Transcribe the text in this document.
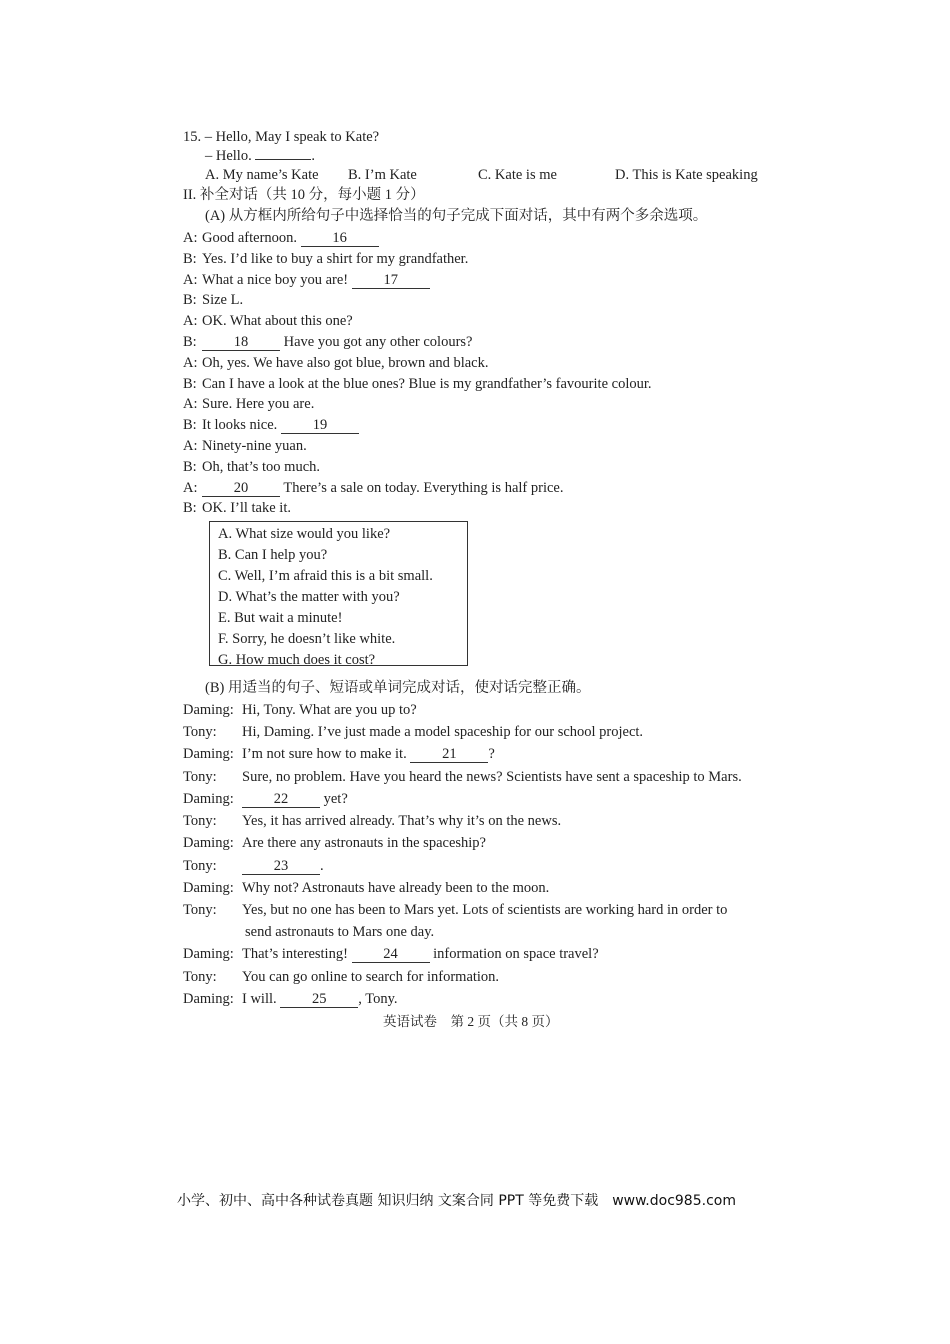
15. – Hello, May I speak to Kate?
– Hello.	.
A. My name’s Kate B. I’m Kate	C. Kate is me	D. This is Kate speaking
II. 补全对话（共 10 分，每小题 1 分）
(A) 从方框内所给句子中选择恰当的句子完成下面对话，其中有两个多余选项。
A:Good afternoon. 16
B:Yes. I’d like to buy a shirt for my grandfather.
A:What a nice boy you are! 17
B:Size L.
A:OK. What about this one?
B:	18 Have you got any other colours?
A:Oh, yes. We have also got blue, brown and black.
B:Can I have a look at the blue ones? Blue is my grandfather’s favourite colour.
A:Sure. Here you are.
B:It looks nice. 19
A:Ninety-nine yuan.
B:Oh, that’s too much.
A:	20 There’s a sale on today. Everything is half price.
B:OK. I’ll take it.
A. What size would you like?
B. Can I help you?
C. Well, I’m afraid this is a bit small.
D. What’s the matter with you?
E. But wait a minute!
F. Sorry, he doesn’t like white.
G. How much does it cost?
(B) 用适当的句子、短语或单词完成对话，使对话完整正确。
Daming: Hi, Tony. What are you up to?
Tony: Hi, Daming. I’ve just made a model spaceship for our school project.
Daming: I’m not sure how to make it. 21 ?
Tony: Sure, no problem. Have you heard the news? Scientists have sent a spaceship to Mars.
Daming:	22 yet?
Tony: Yes, it has arrived already. That’s why it’s on the news.
Daming: Are there any astronauts in the spaceship?
Tony:	23 .
Daming: Why not? Astronauts have already been to the moon.
Tony: Yes, but no one has been to Mars yet. Lots of scientists are working hard in order to
send astronauts to Mars one day.
Daming: That’s interesting! 24 information on space travel?
Tony: You can go online to search for information.
Daming: I will. 25 , Tony.
英语试卷　第 2 页（共 8 页）
小学、初中、高中各种试卷真题 知识归纳 文案合同 PPT 等免费下载　www.doc985.com
